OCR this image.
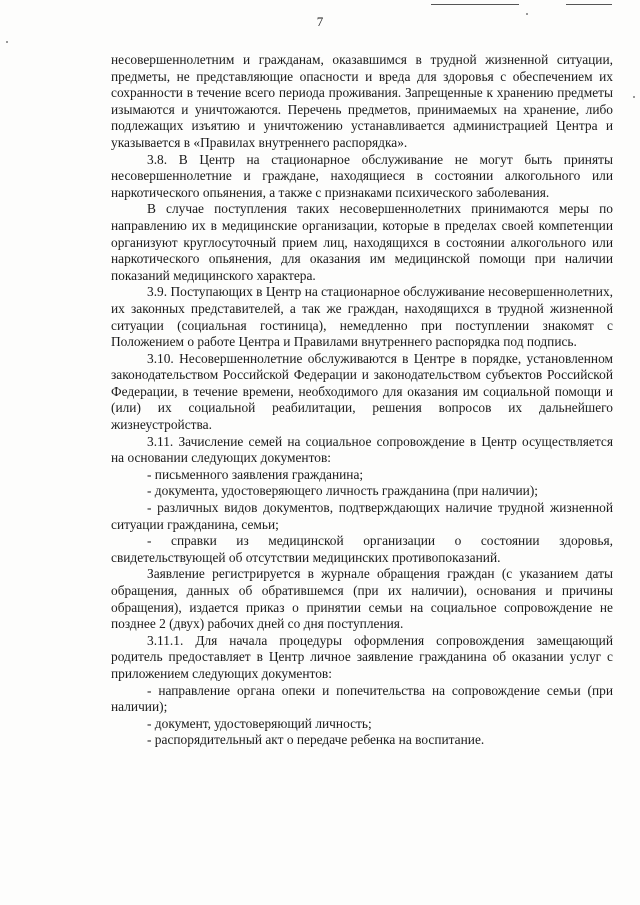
7

несовершеннолетним и гражданам, оказавшимся в трудной жизненной ситуации, предметы, не представляющие опасности и вреда для здоровья с обеспечением их сохранности в течение всего периода проживания. Запрещенные к хранению предметы изымаются и уничтожаются. Перечень предметов, принимаемых на хранение, либо подлежащих изъятию и уничтожению устанавливается администрацией Центра и указывается в «Правилах внутреннего распорядка».

3.8. В Центр на стационарное обслуживание не могут быть приняты несовершеннолетние и граждане, находящиеся в состоянии алкогольного или наркотического опьянения, а также с признаками психического заболевания.

В случае поступления таких несовершеннолетних принимаются меры по направлению их в медицинские организации, которые в пределах своей компетенции организуют круглосуточный прием лиц, находящихся в состоянии алкогольного или наркотического опьянения, для оказания им медицинской помощи при наличии показаний медицинского характера.

3.9. Поступающих в Центр на стационарное обслуживание несовершеннолетних, их законных представителей, а так же граждан, находящихся в трудной жизненной ситуации (социальная гостиница), немедленно при поступлении знакомят с Положением о работе Центра и Правилами внутреннего распорядка под подпись.

3.10. Несовершеннолетние обслуживаются в Центре в порядке, установленном законодательством Российской Федерации и законодательством субъектов Российской Федерации, в течение времени, необходимого для оказания им социальной помощи и (или) их социальной реабилитации, решения вопросов их дальнейшего жизнеустройства.

3.11. Зачисление семей на социальное сопровождение в Центр осуществляется на основании следующих документов:

- письменного заявления гражданина;

- документа, удостоверяющего личность гражданина (при наличии);

- различных видов документов, подтверждающих наличие трудной жизненной ситуации гражданина, семьи;

- справки из медицинской организации о состоянии здоровья, свидетельствующей об отсутствии медицинских противопоказаний.

Заявление регистрируется в журнале обращения граждан (с указанием даты обращения, данных об обратившемся (при их наличии), основания и причины обращения), издается приказ о принятии семьи на социальное сопровождение не позднее 2 (двух) рабочих дней со дня поступления.

3.11.1. Для начала процедуры оформления сопровождения замещающий родитель предоставляет в Центр личное заявление гражданина об оказании услуг с приложением следующих документов:

- направление органа опеки и попечительства на сопровождение семьи (при наличии);

- документ, удостоверяющий личность;

- распорядительный акт о передаче ребенка на воспитание.
